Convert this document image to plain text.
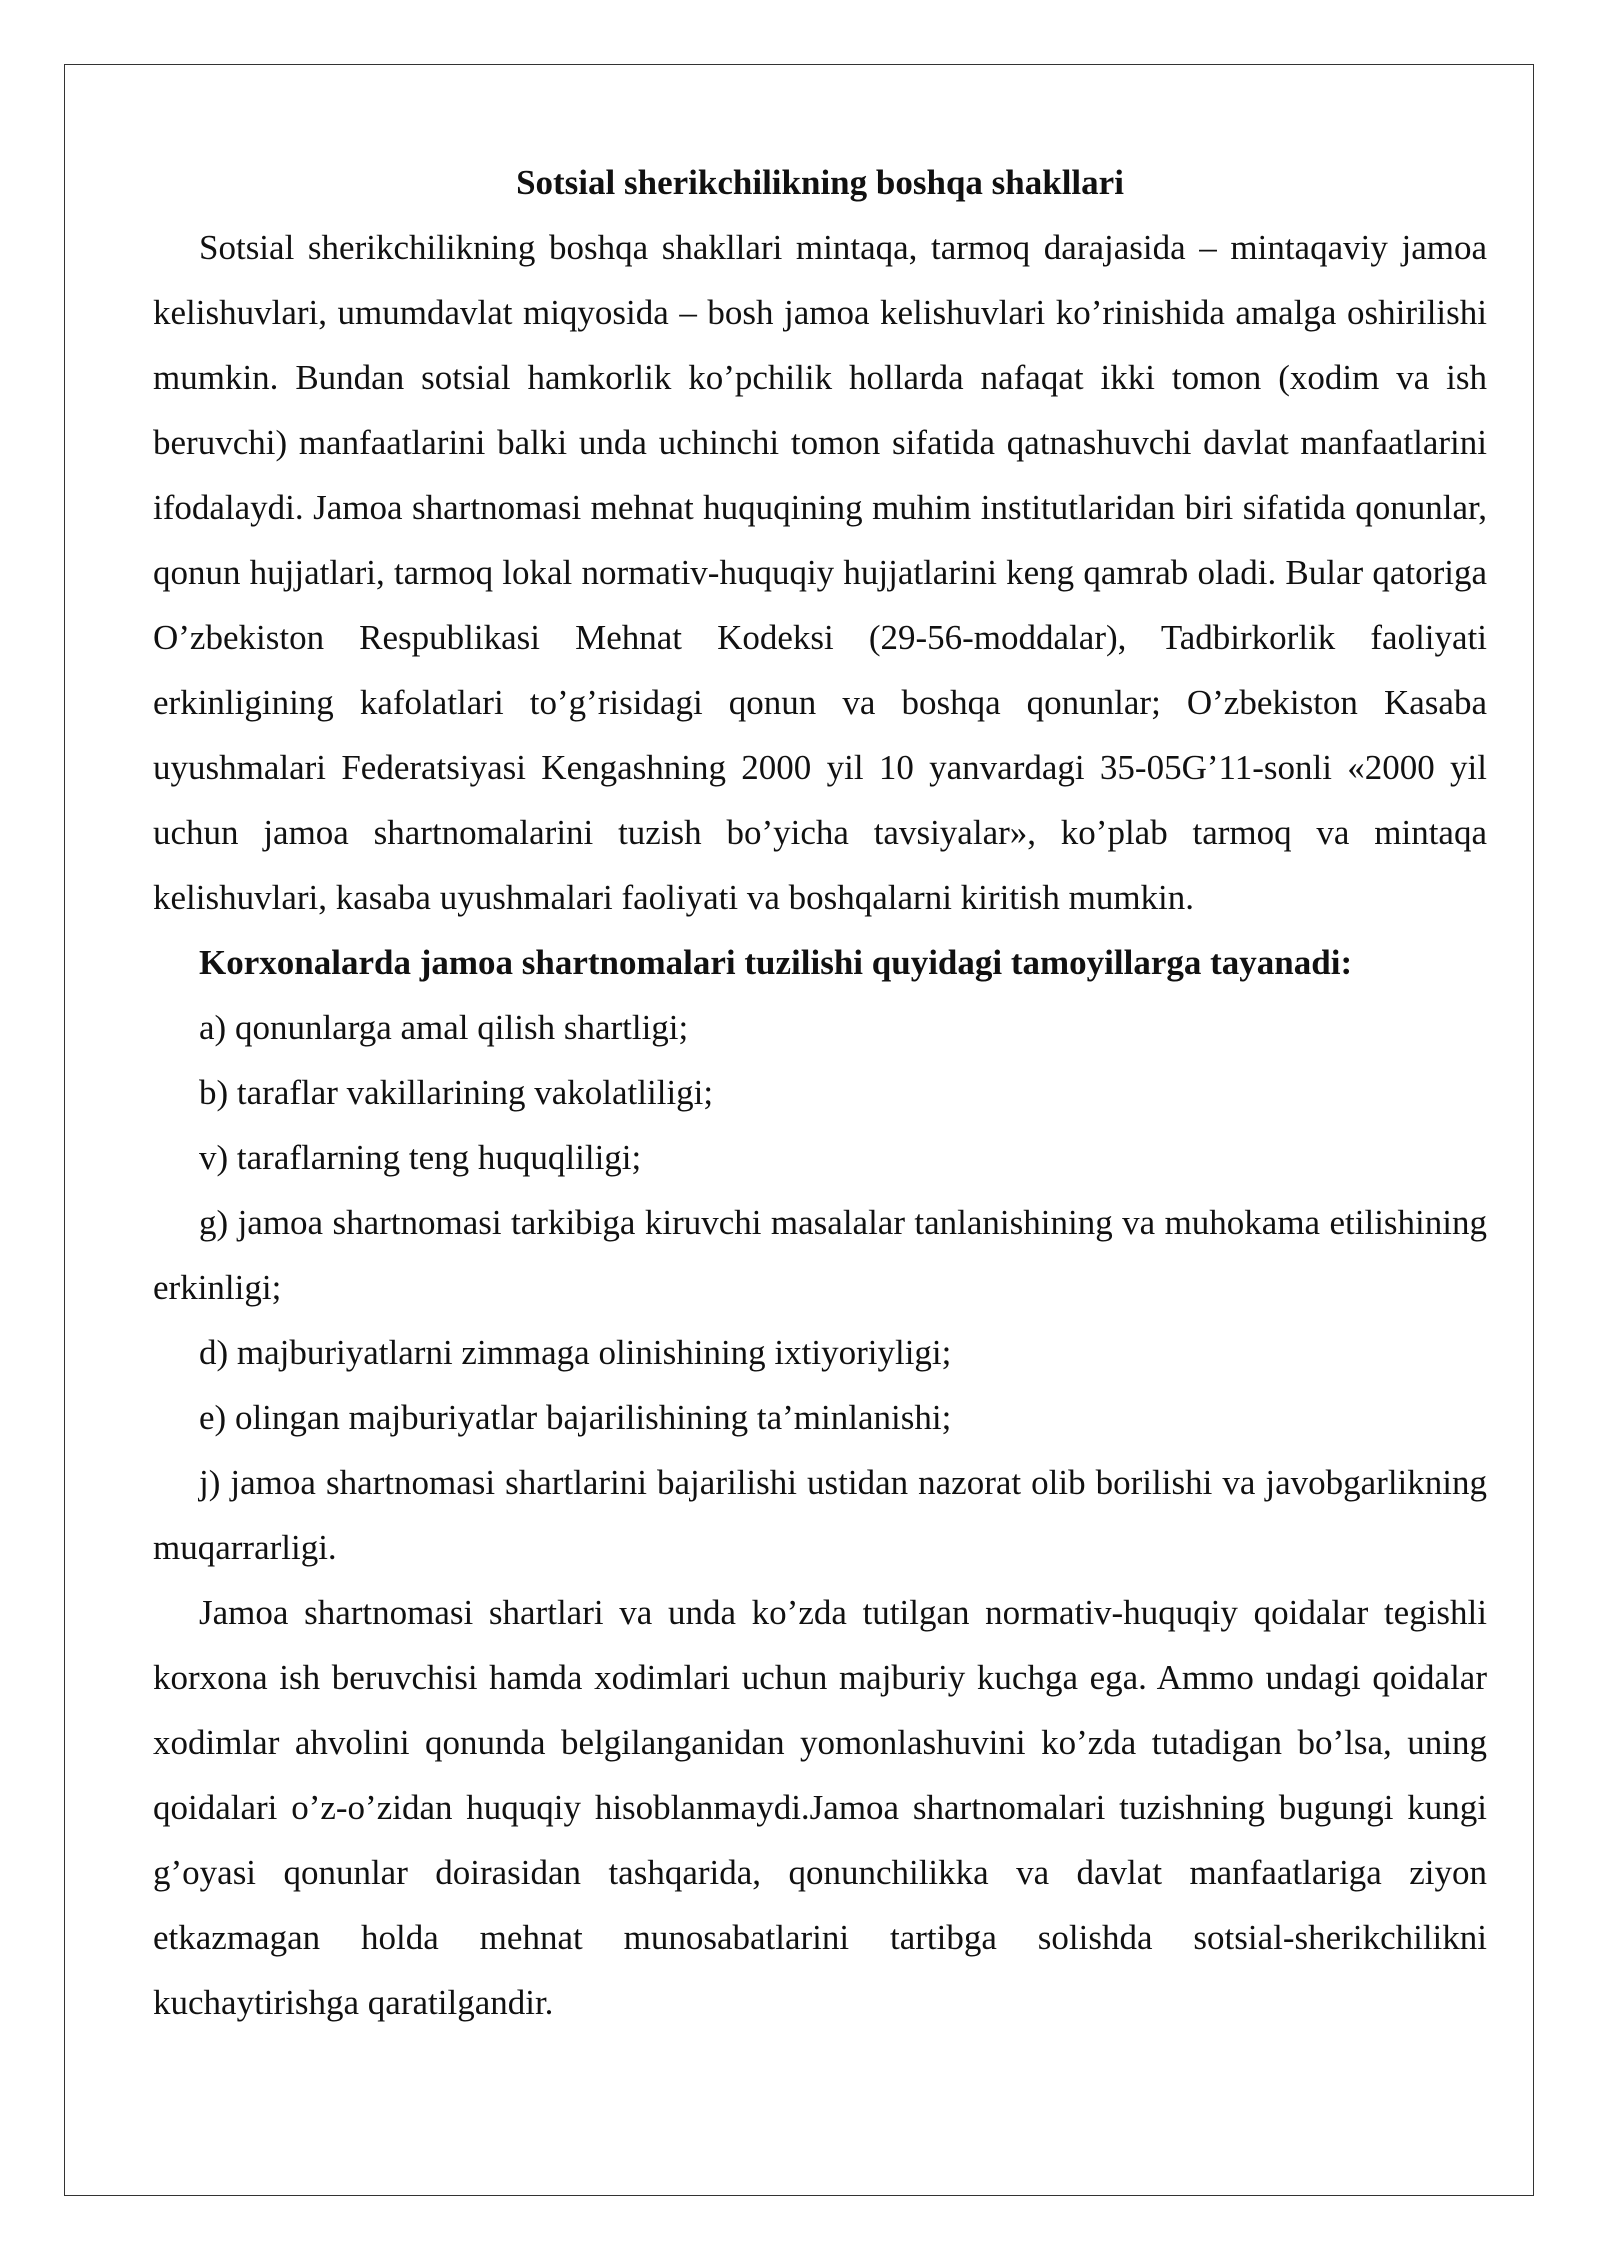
Sotsial sherikchilikning boshqa shakllari

Sotsial sherikchilikning boshqa shakllari mintaqa, tarmoq darajasida – mintaqaviy jamoa kelishuvlari, umumdavlat miqyosida – bosh jamoa kelishuvlari ko’rinishida amalga oshirilishi mumkin. Bundan sotsial hamkorlik ko’pchilik hollarda nafaqat ikki tomon (xodim va ish beruvchi) manfaatlarini balki unda uchinchi tomon sifatida qatnashuvchi davlat manfaatlarini ifodalaydi. Jamoa shartnomasi mehnat huquqining muhim institutlaridan biri sifatida qonunlar, qonun hujjatlari, tarmoq lokal normativ-huquqiy hujjatlarini keng qamrab oladi. Bular qatoriga O’zbekiston Respublikasi Mehnat Kodeksi (29-56-moddalar), Tadbirkorlik faoliyati erkinligining kafolatlari to’g’risidagi qonun va boshqa qonunlar; O’zbekiston Kasaba uyushmalari Federatsiyasi Kengashning 2000 yil 10 yanvardagi 35-05G’11-sonli «2000 yil uchun jamoa shartnomalarini tuzish bo’yicha tavsiyalar», ko’plab tarmoq va mintaqa kelishuvlari, kasaba uyushmalari faoliyati va boshqalarni kiritish mumkin.

Korxonalarda jamoa shartnomalari tuzilishi quyidagi tamoyillarga tayanadi:

a) qonunlarga amal qilish shartligi;

b) taraflar vakillarining vakolatliligi;

v) taraflarning teng huquqliligi;

g) jamoa shartnomasi tarkibiga kiruvchi masalalar tanlanishining va muhokama etilishining erkinligi;

d) majburiyatlarni zimmaga olinishining ixtiyoriyligi;

e) olingan majburiyatlar bajarilishining ta’minlanishi;

j) jamoa shartnomasi shartlarini bajarilishi ustidan nazorat olib borilishi va javobgarlikning muqarrarligi.

Jamoa shartnomasi shartlari va unda ko’zda tutilgan normativ-huquqiy qoidalar tegishli korxona ish beruvchisi hamda xodimlari uchun majburiy kuchga ega. Ammo undagi qoidalar xodimlar ahvolini qonunda belgilanganidan yomonlashuvini ko’zda tutadigan bo’lsa, uning qoidalari o’z-o’zidan huquqiy hisoblanmaydi.Jamoa shartnomalari tuzishning bugungi kungi g’oyasi qonunlar doirasidan tashqarida, qonunchilikka va davlat manfaatlariga ziyon etkazmagan holda mehnat munosabatlarini tartibga solishda sotsial-sherikchilikni kuchaytirishga qaratilgandir.
